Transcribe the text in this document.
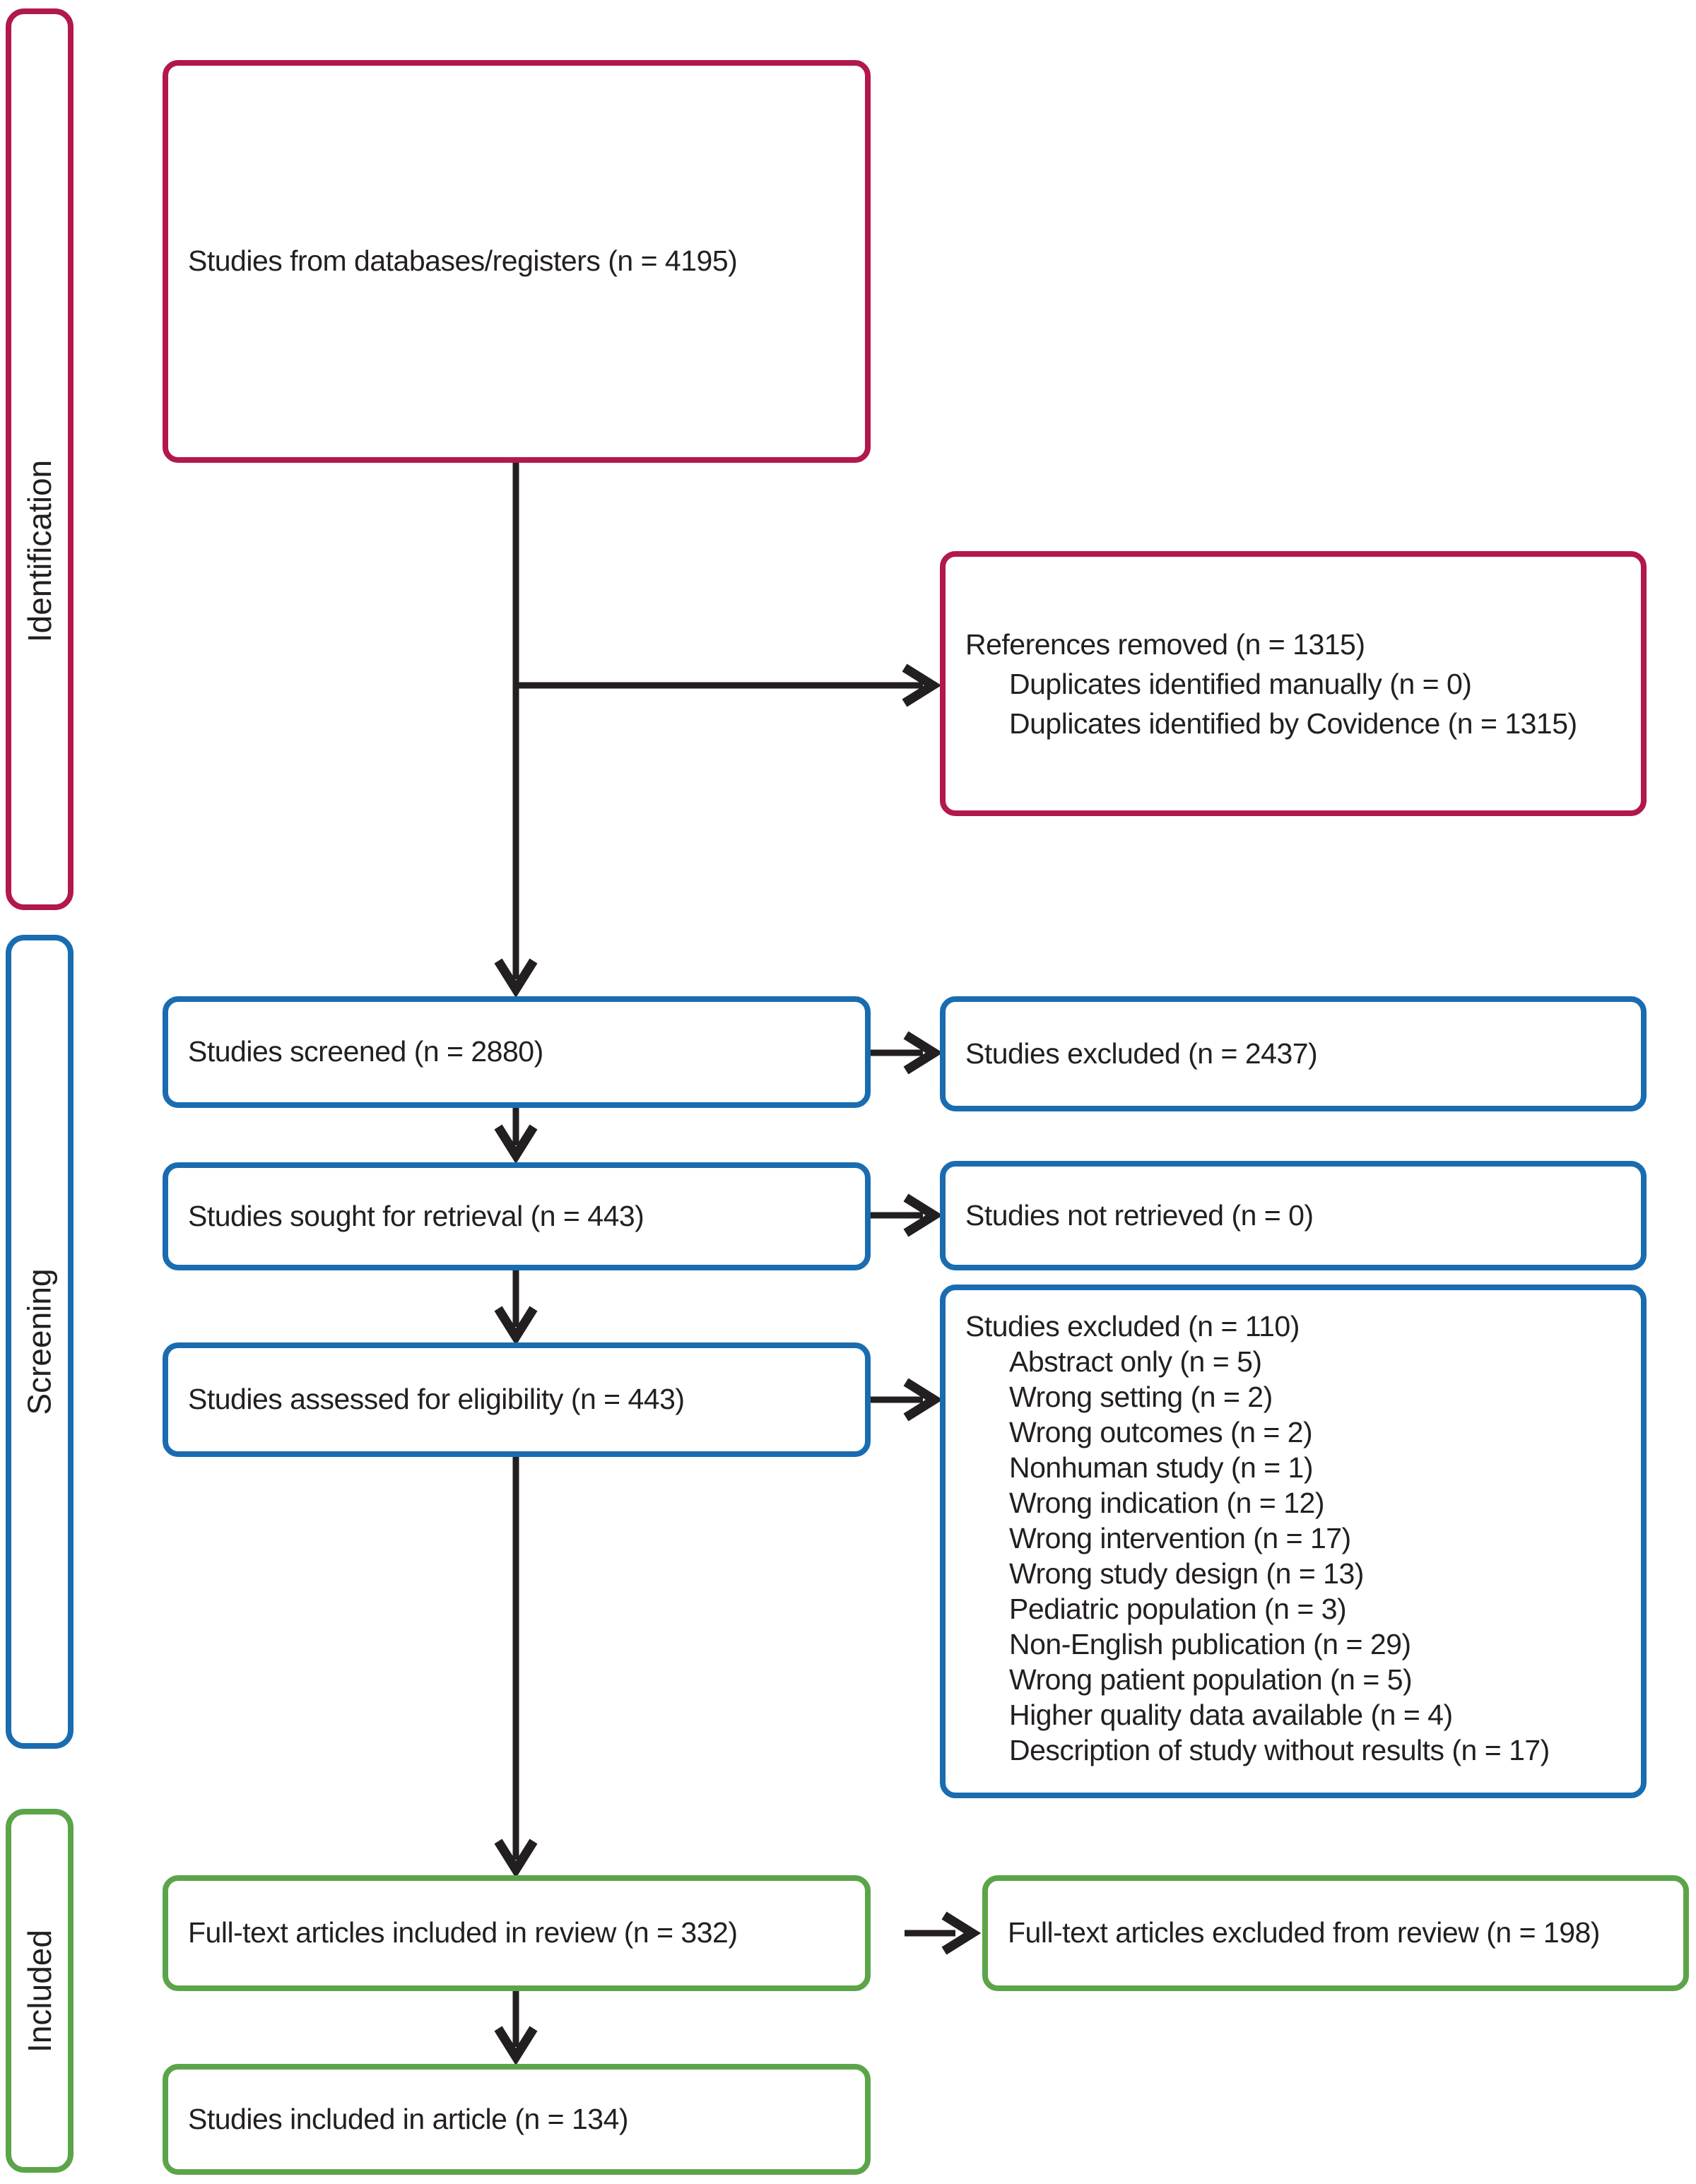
Identification
Screening
Included
Studies from databases/registers (n = 4195)
Studies screened (n = 2880)
Studies sought for retrieval (n = 443)
Studies assessed for eligibility (n = 443)
Full-text articles included in review (n = 332)
Studies included in article (n = 134)
References removed (n = 1315)
Duplicates identified manually (n = 0)
Duplicates identified by Covidence (n = 1315)
Studies excluded (n = 2437)
Studies not retrieved (n = 0)
Studies excluded (n = 110)
Abstract only (n = 5)
Wrong setting (n = 2)
Wrong outcomes (n = 2)
Nonhuman study (n = 1)
Wrong indication (n = 12)
Wrong intervention (n = 17)
Wrong study design (n = 13)
Pediatric population (n = 3)
Non-English publication (n = 29)
Wrong patient population (n = 5)
Higher quality data available (n = 4)
Description of study without results (n = 17)
Full-text articles excluded from review (n = 198)
